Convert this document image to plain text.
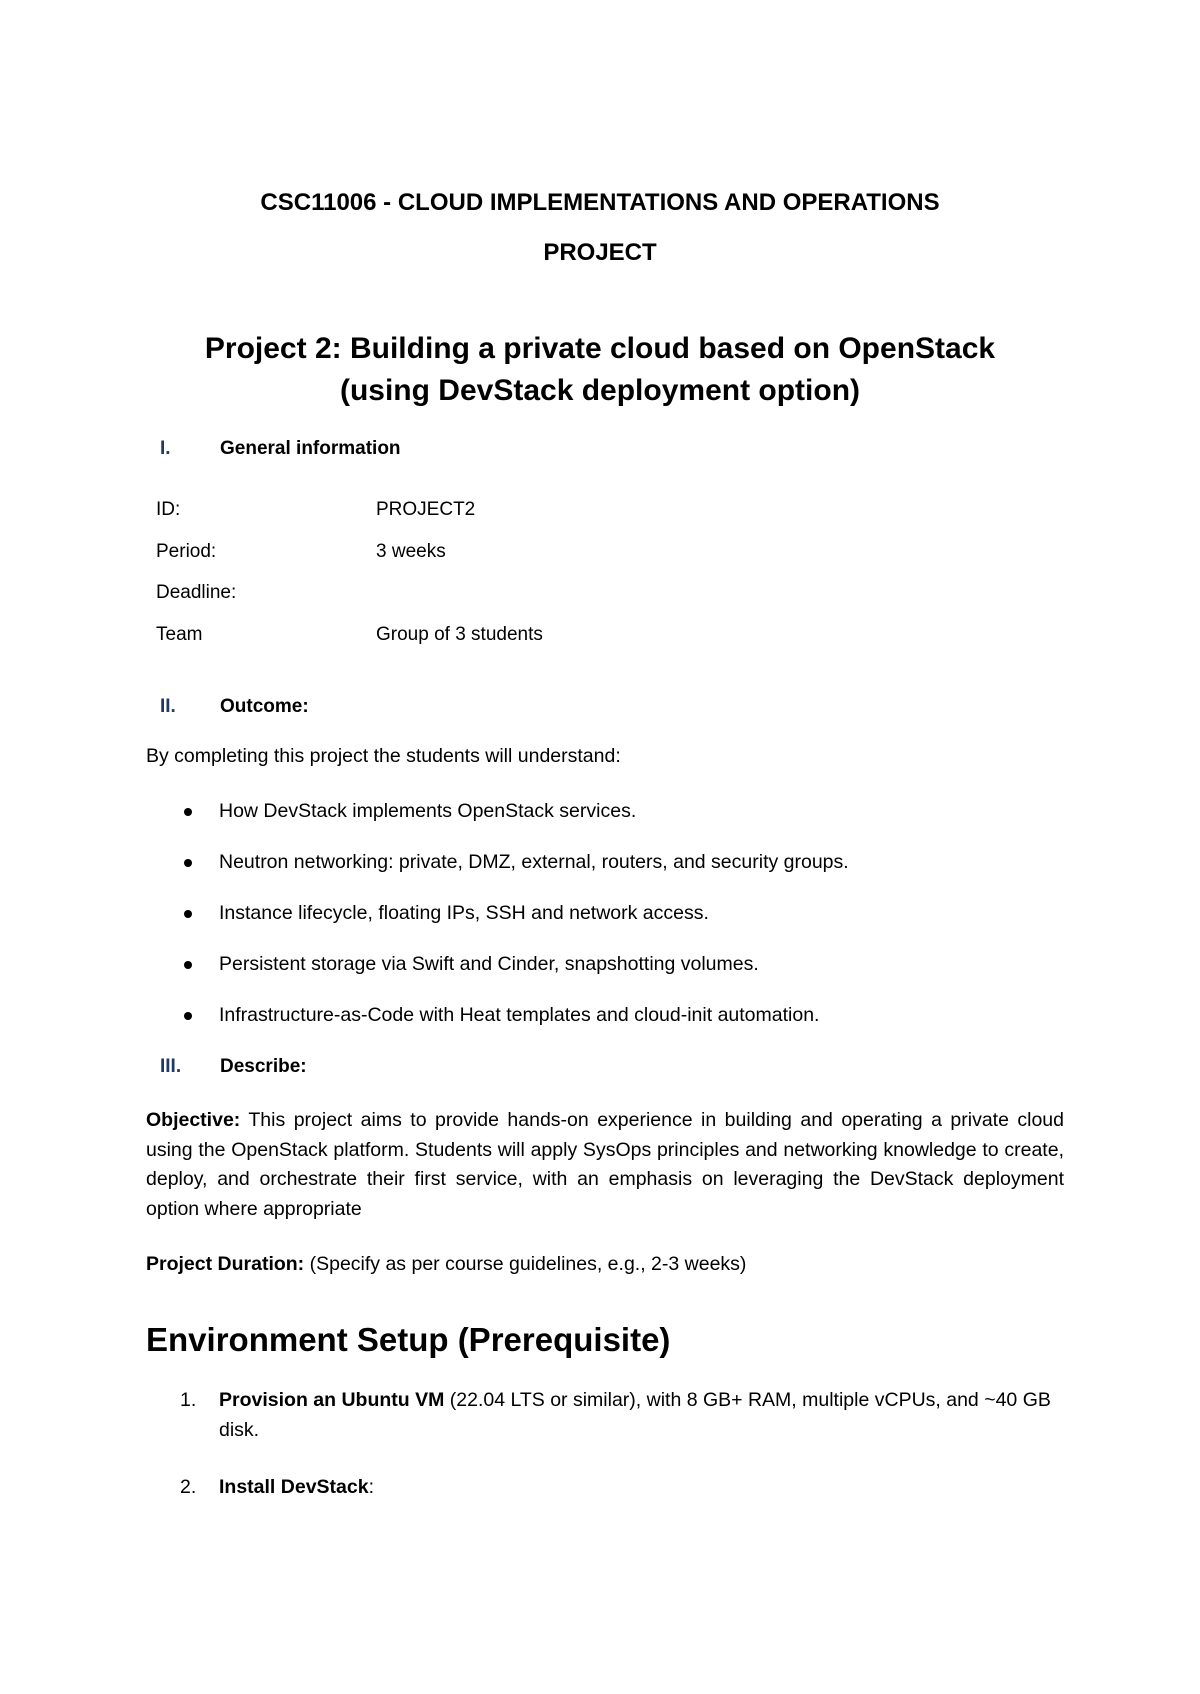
CSC11006 - CLOUD IMPLEMENTATIONS AND OPERATIONS
PROJECT
Project 2: Building a private cloud based on OpenStack
(using DevStack deployment option)
I.	General information
ID:	PROJECT2
Period:	3 weeks
Deadline:
Team	Group of 3 students
II. Outcome:
By completing this project the students will understand:
How DevStack implements OpenStack services.
Neutron networking: private, DMZ, external, routers, and security groups.
Instance lifecycle, floating IPs, SSH and network access.
Persistent storage via Swift and Cinder, snapshotting volumes.
Infrastructure-as-Code with Heat templates and cloud-init automation.
III. Describe:
Objective: This project aims to provide hands-on experience in building and operating a private cloud using the OpenStack platform. Students will apply SysOps principles and networking knowledge to create, deploy, and orchestrate their first service, with an emphasis on leveraging the DevStack deployment option where appropriate
Project Duration: (Specify as per course guidelines, e.g., 2-3 weeks)
Environment Setup (Prerequisite)
1.	Provision an Ubuntu VM (22.04 LTS or similar), with 8 GB+ RAM, multiple vCPUs, and ~40 GB disk.
2.	Install DevStack:
